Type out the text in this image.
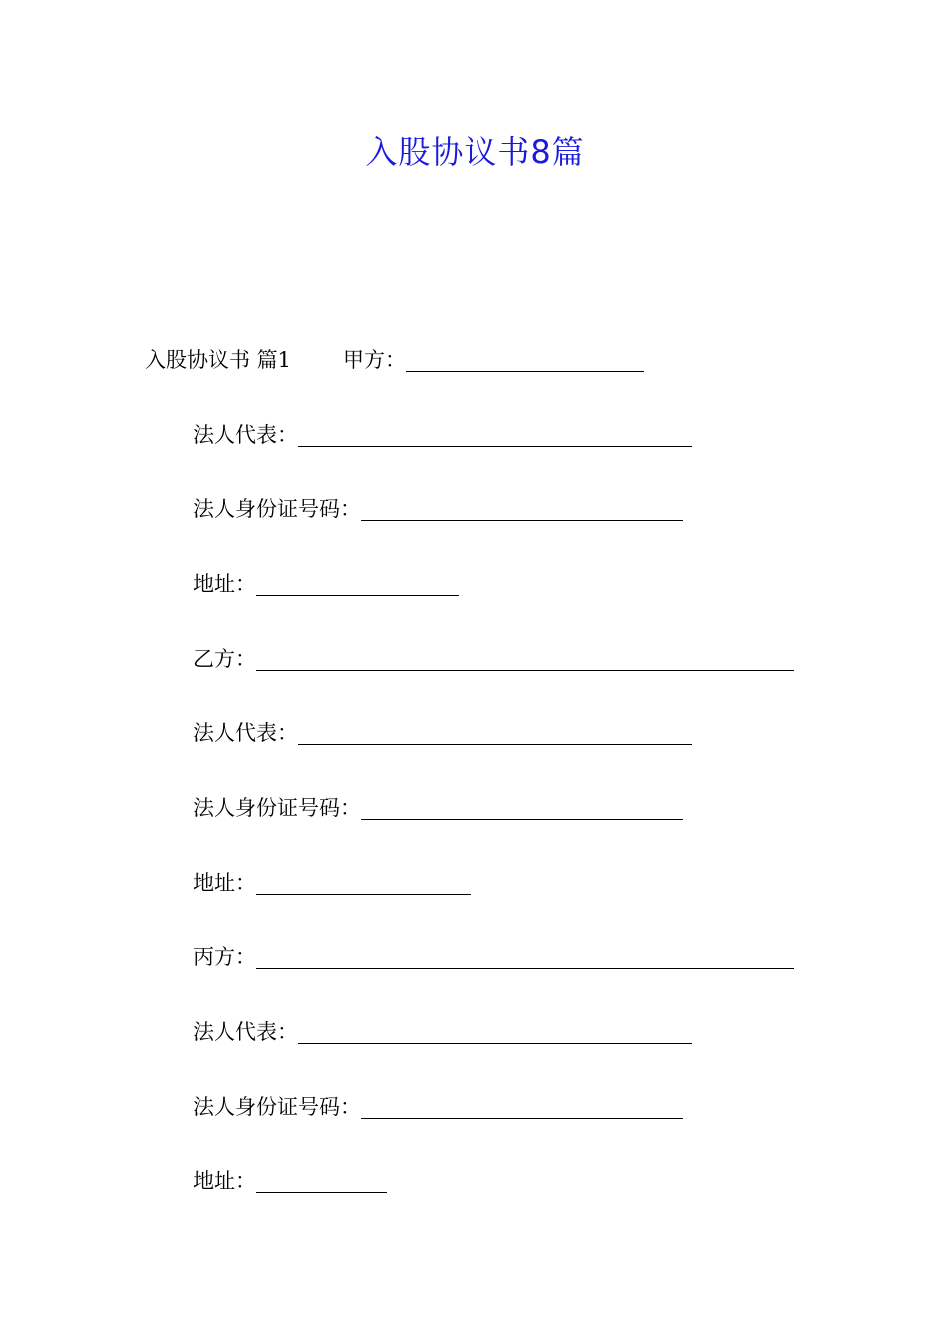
入股协议书8篇
入股协议书 篇1 甲方：
法人代表：
法人身份证号码：
地址：
乙方：
法人代表：
法人身份证号码：
地址：
丙方：
法人代表：
法人身份证号码：
地址：
